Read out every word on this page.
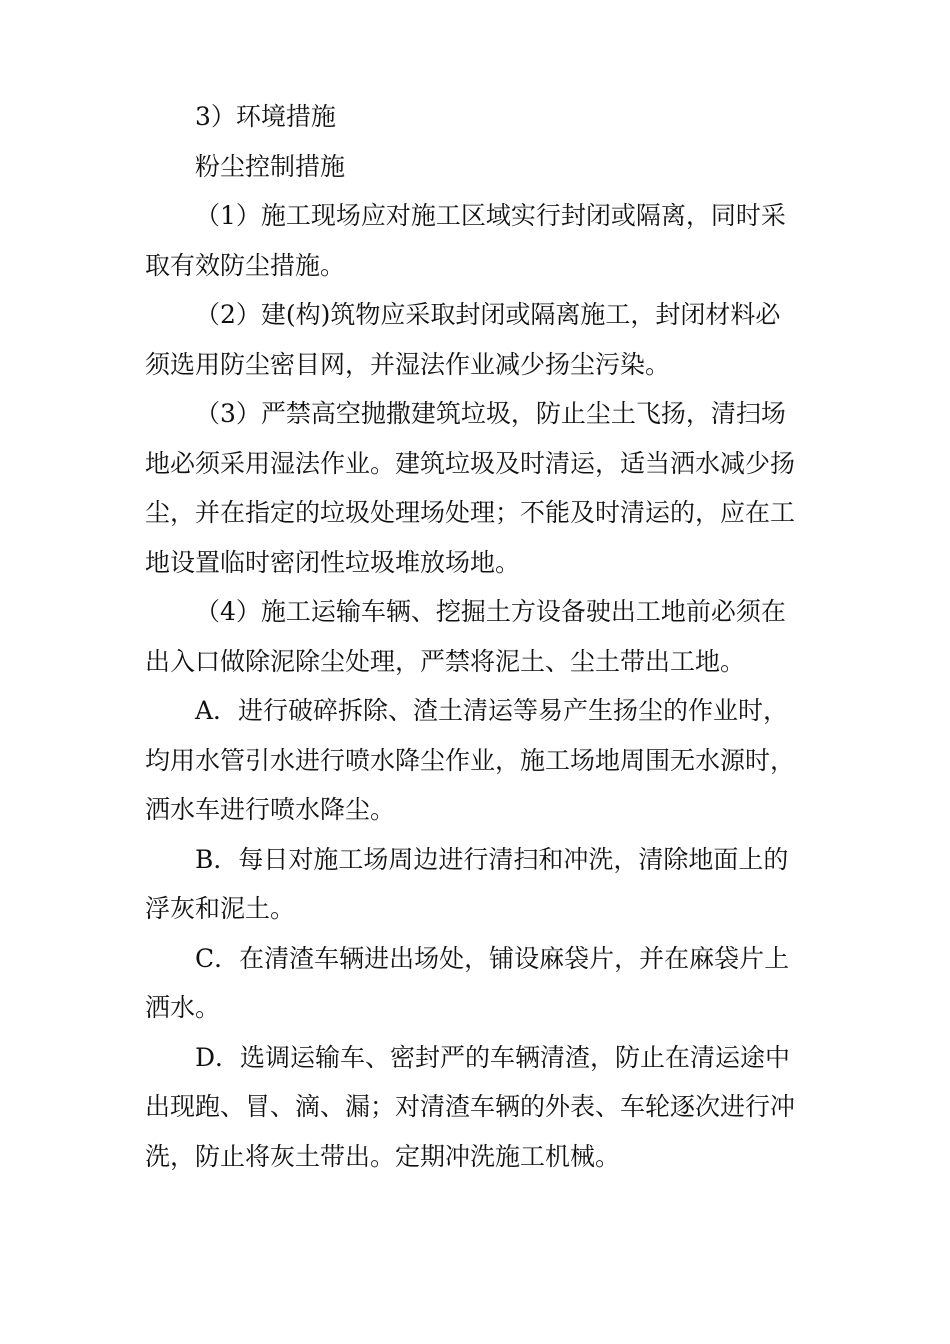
3）环境措施

粉尘控制措施

（1）施工现场应对施工区域实行封闭或隔离，同时采取有效防尘措施。

（2）建(构)筑物应采取封闭或隔离施工，封闭材料必须选用防尘密目网，并湿法作业减少扬尘污染。

（3）严禁高空抛撒建筑垃圾，防止尘土飞扬，清扫场地必须采用湿法作业。建筑垃圾及时清运，适当洒水减少扬尘，并在指定的垃圾处理场处理；不能及时清运的，应在工地设置临时密闭性垃圾堆放场地。

（4）施工运输车辆、挖掘土方设备驶出工地前必须在出入口做除泥除尘处理，严禁将泥土、尘土带出工地。

A．进行破碎拆除、渣土清运等易产生扬尘的作业时，均用水管引水进行喷水降尘作业，施工场地周围无水源时，洒水车进行喷水降尘。

B．每日对施工场周边进行清扫和冲洗，清除地面上的浮灰和泥土。

C．在清渣车辆进出场处，铺设麻袋片，并在麻袋片上洒水。

D．选调运输车、密封严的车辆清渣，防止在清运途中出现跑、冒、滴、漏；对清渣车辆的外表、车轮逐次进行冲洗，防止将灰土带出。定期冲洗施工机械。
